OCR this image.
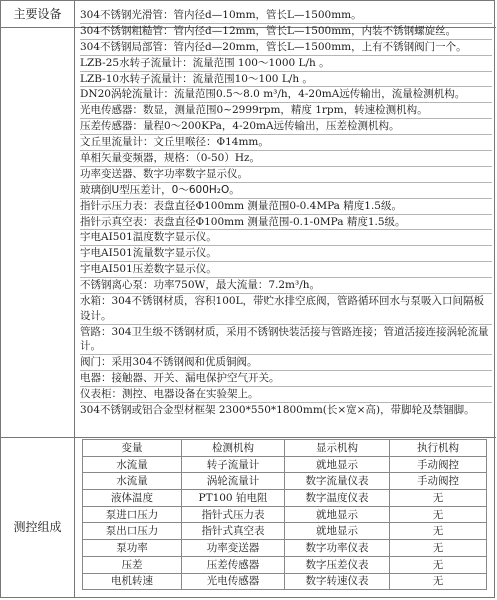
主要设备	304不锈钢光滑管：管内径d—10mm，管长L—1500mm。
304不锈钢粗糙管：管内径d—12mm，管长L—1500mm，内装不锈钢螺旋丝。
304不锈钢局部管：管内径d—20mm，管长L—1500mm，上有不锈钢阀门一个。
LZB-25水转子流量计：流量范围 100～1000 L/h 。
LZB-10水转子流量计：流量范围10～100 L/h 。
DN20涡轮流量计：流量范围0.5～8.0 m³/h，4-20mA远传输出，流量检测机构。
光电传感器：数显，测量范围0~2999rpm，精度 1rpm，转速检测机构。
压差传感器：量程0～200KPa，4-20mA远传输出，压差检测机构。
文丘里流量计：文丘里喉径：Φ14mm。
单相矢量变频器，规格：（0-50）Hz。
功率变送器、数字功率数字显示仪。
玻璃倒U型压差计，0～600H₂O。
指针示压力表：表盘直径Φ100mm 测量范围0-0.4MPa 精度1.5级。
指针示真空表：表盘直径Φ100mm 测量范围-0.1-0MPa 精度1.5级。
宇电AI501温度数字显示仪。
宇电AI501流量数字显示仪。
宇电AI501压差数字显示仪。
不锈钢离心泵：功率750W，最大流量：7.2m³/h。
水箱：304不锈钢材质，容积100L，带贮水排空底阀，管路循环回水与泵吸入口间隔板设计。
管路：304卫生级不锈钢材质，采用不锈钢快装活接与管路连接；管道活接连接涡轮流量计。
阀门：采用304不锈钢阀和优质铜阀。
电器：接触器、开关、漏电保护空气开关。
仪表柜：测控、电器设备在实验架上。
304不锈钢或铝合金型材框架 2300*550*1800mm(长×宽×高)，带脚轮及禁锢脚。
测控组成
变量	检测机构	显示机构	执行机构
水流量	转子流量计	就地显示	手动阀控
水流量	涡轮流量计	数字流量仪表	手动阀控
液体温度	PT100 铂电阻	数字温度仪表	无
泵进口压力	指针式压力表	就地显示	无
泵出口压力	指针式真空表	就地显示	无
泵功率	功率变送器	数字功率仪表	无
压差	压差传感器	数字压差仪表	无
电机转速	光电传感器	数字转速仪表	无
